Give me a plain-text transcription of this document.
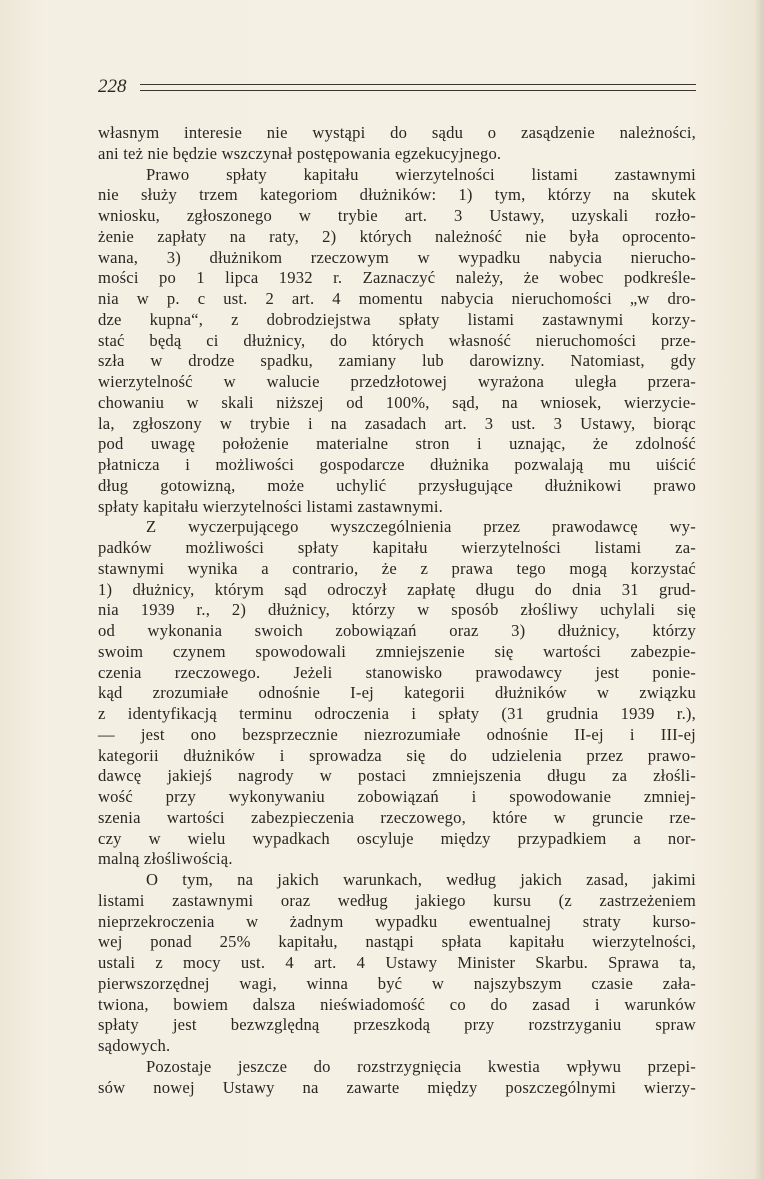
228
własnym interesie nie wystąpi do sądu o zasądzenie należności,
ani też nie będzie wszczynał postępowania egzekucyjnego.
Prawo spłaty kapitału wierzytelności listami zastawnymi
nie służy trzem kategoriom dłużników: 1) tym, którzy na skutek
wniosku, zgłoszonego w trybie art. 3 Ustawy, uzyskali rozło-
żenie zapłaty na raty, 2) których należność nie była oprocento-
wana, 3) dłużnikom rzeczowym w wypadku nabycia nierucho-
mości po 1 lipca 1932 r. Zaznaczyć należy, że wobec podkreśle-
nia w p. c ust. 2 art. 4 momentu nabycia nieruchomości „w dro-
dze kupna“, z dobrodziejstwa spłaty listami zastawnymi korzy-
stać będą ci dłużnicy, do których własność nieruchomości prze-
szła w drodze spadku, zamiany lub darowizny. Natomiast, gdy
wierzytelność w walucie przedzłotowej wyrażona uległa przera-
chowaniu w skali niższej od 100%, sąd, na wniosek, wierzycie-
la, zgłoszony w trybie i na zasadach art. 3 ust. 3 Ustawy, biorąc
pod uwagę położenie materialne stron i uznając, że zdolność
płatnicza i możliwości gospodarcze dłużnika pozwalają mu uiścić
dług gotowizną, może uchylić przysługujące dłużnikowi prawo
spłaty kapitału wierzytelności listami zastawnymi.
Z wyczerpującego wyszczególnienia przez prawodawcę wy-
padków możliwości spłaty kapitału wierzytelności listami za-
stawnymi wynika a contrario, że z prawa tego mogą korzystać
1) dłużnicy, którym sąd odroczył zapłatę długu do dnia 31 grud-
nia 1939 r., 2) dłużnicy, którzy w sposób złośliwy uchylali się
od wykonania swoich zobowiązań oraz 3) dłużnicy, którzy
swoim czynem spowodowali zmniejszenie się wartości zabezpie-
czenia rzeczowego. Jeżeli stanowisko prawodawcy jest ponie-
kąd zrozumiałe odnośnie I-ej kategorii dłużników w związku
z identyfikacją terminu odroczenia i spłaty (31 grudnia 1939 r.),
— jest ono bezsprzecznie niezrozumiałe odnośnie II-ej i III-ej
kategorii dłużników i sprowadza się do udzielenia przez prawo-
dawcę jakiejś nagrody w postaci zmniejszenia długu za złośli-
wość przy wykonywaniu zobowiązań i spowodowanie zmniej-
szenia wartości zabezpieczenia rzeczowego, które w gruncie rze-
czy w wielu wypadkach oscyluje między przypadkiem a nor-
malną złośliwością.
O tym, na jakich warunkach, według jakich zasad, jakimi
listami zastawnymi oraz według jakiego kursu (z zastrzeżeniem
nieprzekroczenia w żadnym wypadku ewentualnej straty kurso-
wej ponad 25% kapitału, nastąpi spłata kapitału wierzytelności,
ustali z mocy ust. 4 art. 4 Ustawy Minister Skarbu. Sprawa ta,
pierwszorzędnej wagi, winna być w najszybszym czasie zała-
twiona, bowiem dalsza nieświadomość co do zasad i warunków
spłaty jest bezwzględną przeszkodą przy rozstrzyganiu spraw
sądowych.
Pozostaje jeszcze do rozstrzygnięcia kwestia wpływu przepi-
sów nowej Ustawy na zawarte między poszczególnymi wierzy-
